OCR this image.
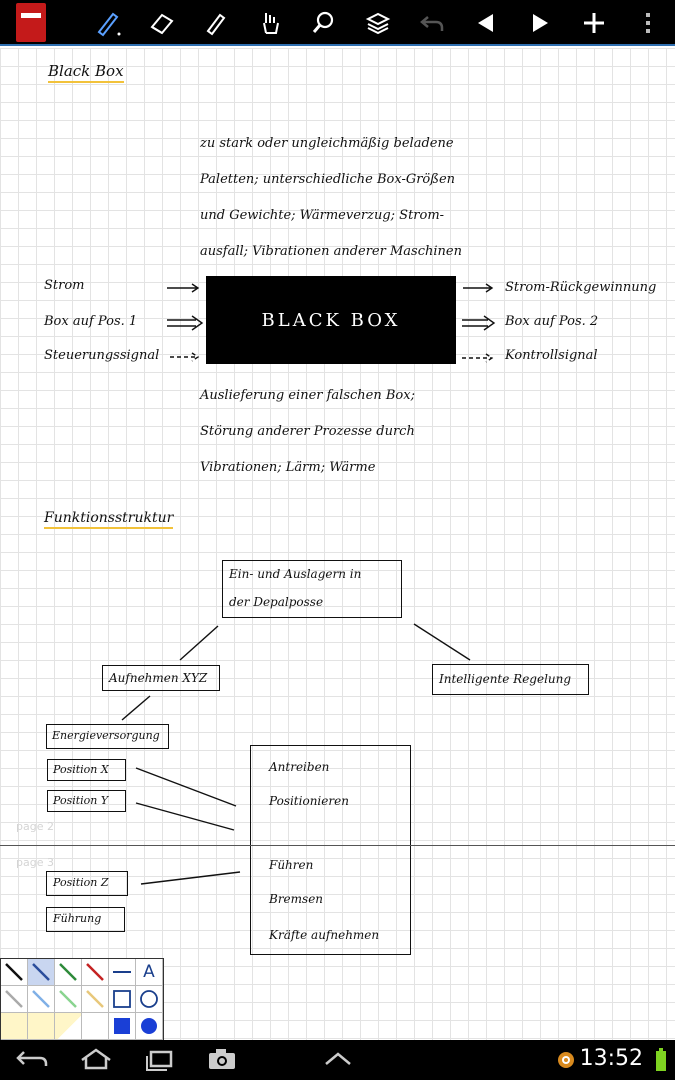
Black Box
zu stark oder ungleichmäßig beladene
Paletten; unterschiedliche Box-Größen
und Gewichte; Wärmeverzug; Strom-
ausfall; Vibrationen anderer Maschinen
Strom
Box auf Pos. 1
Steuerungssignal
BLACK BOX
Strom-Rückgewinnung
Box auf Pos. 2
Kontrollsignal
Auslieferung einer falschen Box;
Störung anderer Prozesse durch
Vibrationen; Lärm; Wärme
Funktionsstruktur
Ein- und Auslagern in
der Depalposse
Aufnehmen XYZ	Intelligente Regelung
Energieversorgung
Position X
Position Y
Antreiben
Positionieren
Führen
Bremsen
Kräfte aufnehmen
Position Z
Führung
page 2
page 3
A
13:52
